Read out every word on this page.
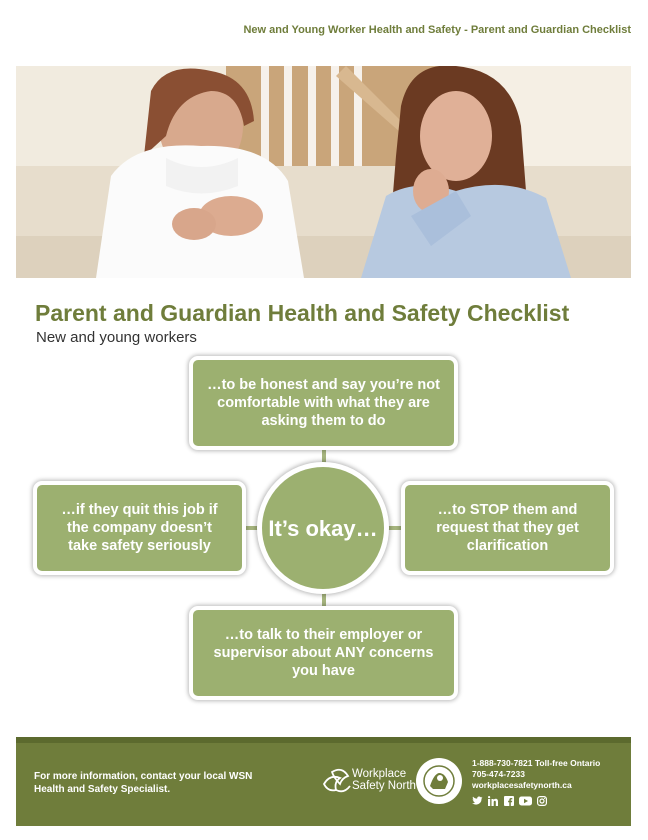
New and Young Worker Health and Safety - Parent and Guardian Checklist
Parent and Guardian Health and Safety Checklist
New and young workers
…to be honest and say you’re not comfortable with what they are asking them to do
…if they quit this job if the company doesn’t take safety seriously
…to STOP them and request that they get clarification
…to talk to their employer or supervisor about ANY concerns you have
It’s okay…
For more information, contact your local WSN Health and Safety Specialist.
Workplace
Safety North
1-888-730-7821 Toll-free Ontario
705-474-7233
workplacesafetynorth.ca
